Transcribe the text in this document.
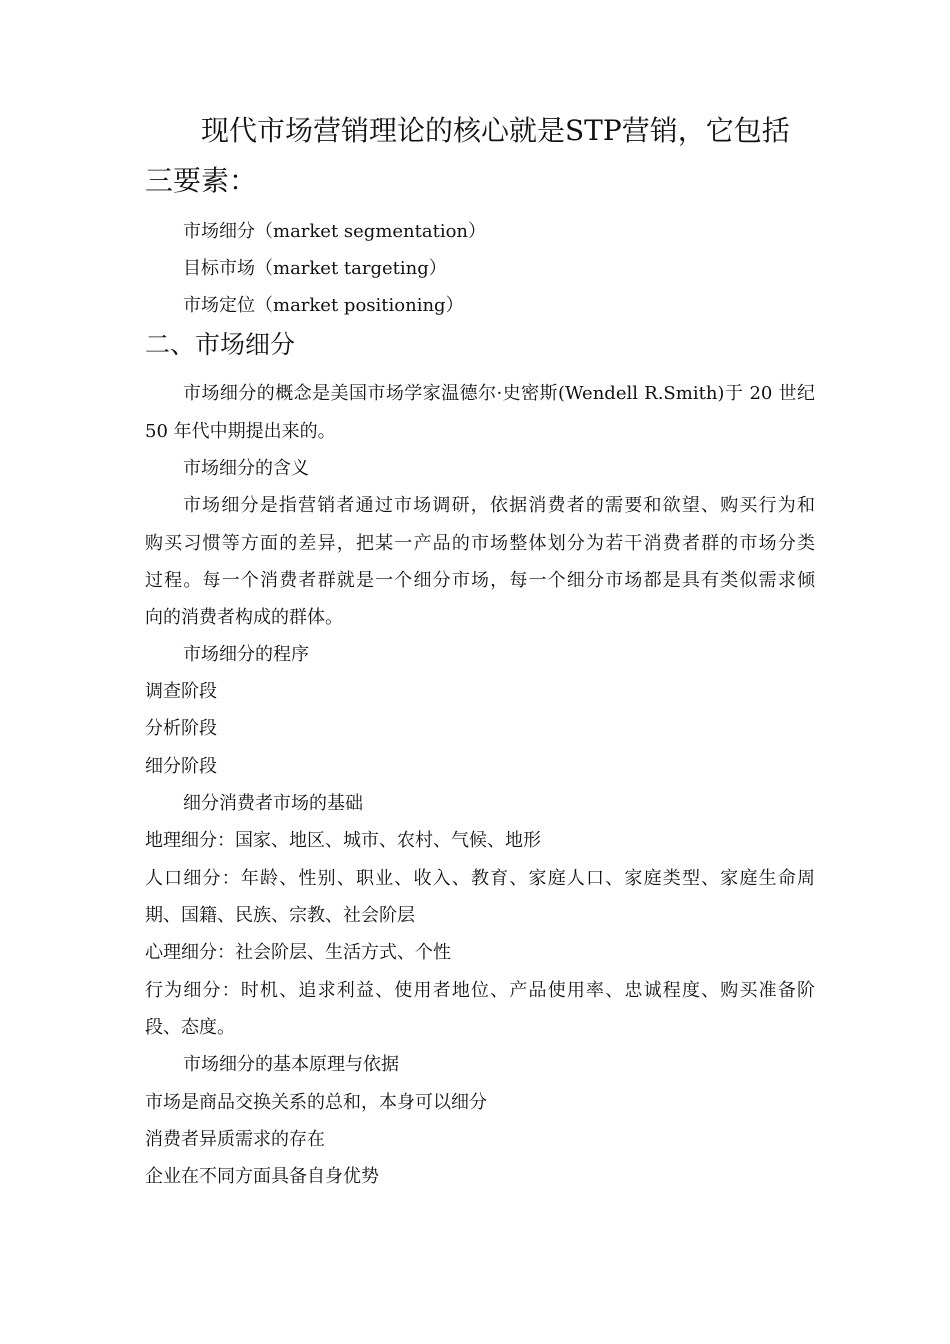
现代市场营销理论的核心就是STP营销，它包括
三要素：
市场细分（market segmentation）
目标市场（market targeting）
市场定位（market positioning）
二、市场细分
市场细分的概念是美国市场学家温德尔·史密斯(Wendell R.Smith)于 20 世纪
50 年代中期提出来的。
市场细分的含义
市场细分是指营销者通过市场调研，依据消费者的需要和欲望、购买行为和
购买习惯等方面的差异，把某一产品的市场整体划分为若干消费者群的市场分类
过程。每一个消费者群就是一个细分市场，每一个细分市场都是具有类似需求倾
向的消费者构成的群体。
市场细分的程序
调查阶段
分析阶段
细分阶段
细分消费者市场的基础
地理细分：国家、地区、城市、农村、气候、地形
人口细分：年龄、性别、职业、收入、教育、家庭人口、家庭类型、家庭生命周
期、国籍、民族、宗教、社会阶层
心理细分：社会阶层、生活方式、个性
行为细分：时机、追求利益、使用者地位、产品使用率、忠诚程度、购买准备阶
段、态度。
市场细分的基本原理与依据
市场是商品交换关系的总和，本身可以细分
消费者异质需求的存在
企业在不同方面具备自身优势
